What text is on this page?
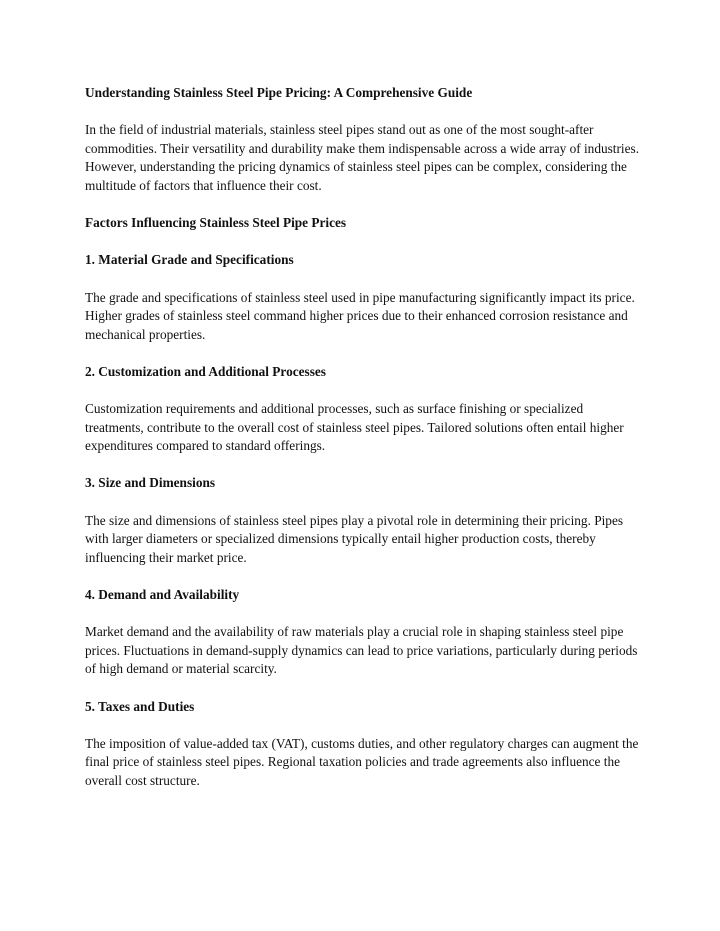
Understanding Stainless Steel Pipe Pricing: A Comprehensive Guide

In the field of industrial materials, stainless steel pipes stand out as one of the most sought-after commodities. Their versatility and durability make them indispensable across a wide array of industries. However, understanding the pricing dynamics of stainless steel pipes can be complex, considering the multitude of factors that influence their cost.

Factors Influencing Stainless Steel Pipe Prices
1. Material Grade and Specifications

The grade and specifications of stainless steel used in pipe manufacturing significantly impact its price. Higher grades of stainless steel command higher prices due to their enhanced corrosion resistance and mechanical properties.

2. Customization and Additional Processes

Customization requirements and additional processes, such as surface finishing or specialized treatments, contribute to the overall cost of stainless steel pipes. Tailored solutions often entail higher expenditures compared to standard offerings.

3. Size and Dimensions

The size and dimensions of stainless steel pipes play a pivotal role in determining their pricing. Pipes with larger diameters or specialized dimensions typically entail higher production costs, thereby influencing their market price.

4. Demand and Availability

Market demand and the availability of raw materials play a crucial role in shaping stainless steel pipe prices. Fluctuations in demand-supply dynamics can lead to price variations, particularly during periods of high demand or material scarcity.

5. Taxes and Duties

The imposition of value-added tax (VAT), customs duties, and other regulatory charges can augment the final price of stainless steel pipes. Regional taxation policies and trade agreements also influence the overall cost structure.
